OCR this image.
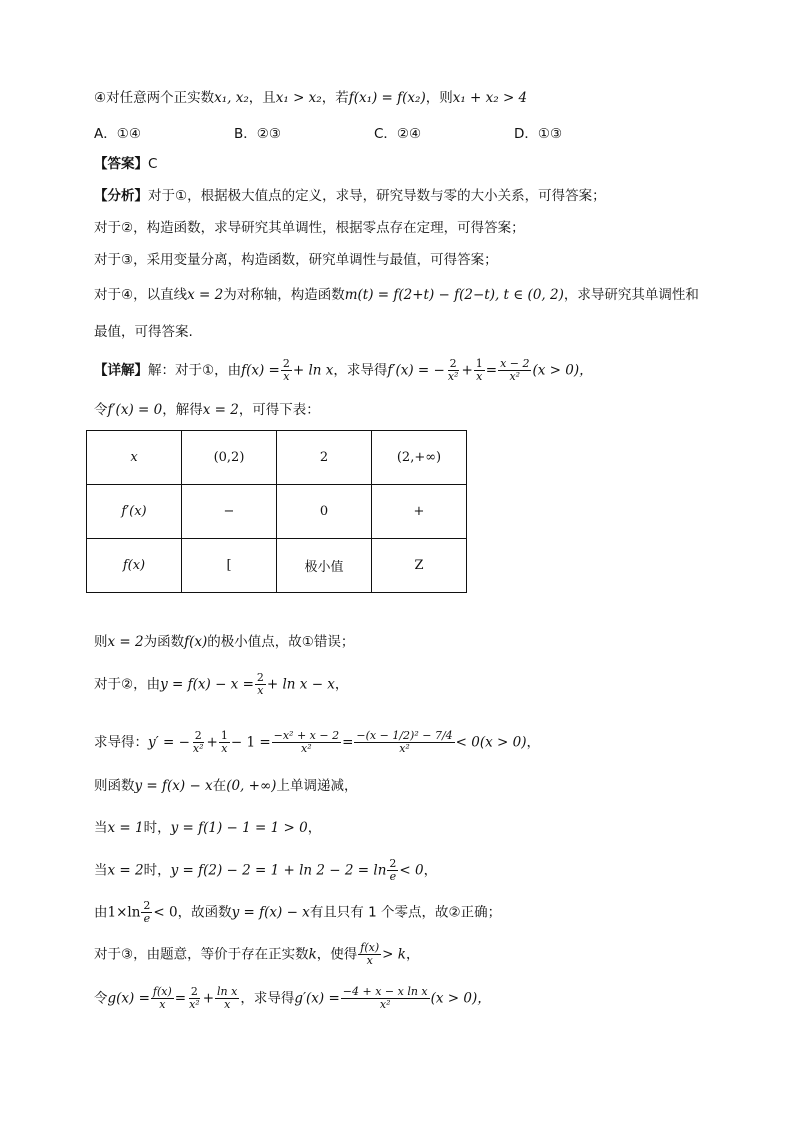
④对任意两个正实数x₁, x₂，且x₁ > x₂，若f(x₁) = f(x₂)，则x₁ + x₂ > 4
A．①④	B．②③	C．②④	D．①③
【答案】C
【分析】对于①，根据极大值点的定义，求导，研究导数与零的大小关系，可得答案；
对于②，构造函数，求导研究其单调性，根据零点存在定理，可得答案；
对于③，采用变量分离，构造函数，研究单调性与最值，可得答案；
对于④，以直线x = 2为对称轴，构造函数m(t) = f(2+t) − f(2−t), t ∈ (0, 2)，求导研究其单调性和
最值，可得答案.
【详解】解：对于①，由$f(x) = \frac{2}{x} + \ln x$，求导得f′(x) = − $\frac{2}{\text{x²}} + \frac{1}{x} = \frac{x - 2}{\text{x²}} (x > 0)$，
令f′(x) = 0，解得x = 2，可得下表：
x	(0,2)	2	(2,+∞)
f′(x)	−	0	+
f(x)	[	极小值	Z
则x = 2为函数f(x)的极小值点，故①错误；
对于②，由$y = f(x) - x = \frac{2}{x} + \ln x - x$，
求导得：y′ = − $\frac{2}{\text{x²}} + \frac{1}{x} - 1 = \frac{\text{−x² + x − 2}}{\text{x²}} = \frac{\text{−(x − 1/2)² − 7/4}}{\text{x²}} < 0(x > 0)$，
则函数y = f(x) − x在(0, +∞)上单调递减，
当x = 1时，y = f(1) − 1 = 1 > 0，
当x = 2时，$y = f(2) - 2 = 1 + \ln 2 - 2 = \ln \frac{2}{e} < 0$，
由$1\times\ln \frac{2}{e} < 0$，故函数y = f(x) − x有且只有 1 个零点，故②正确；
对于③，由题意，等价于存在正实数k，使得 $\frac{f(x)}{x} > k$，
令$g(x) = \frac{f(x)}{x} = \frac{2}{\text{x²}} + \frac{\text{ln x}}{x}$ ，求导得$g'(x) = \frac{\text{−4 + x − x ln x}}{\text{x²}} (x > 0)$，
